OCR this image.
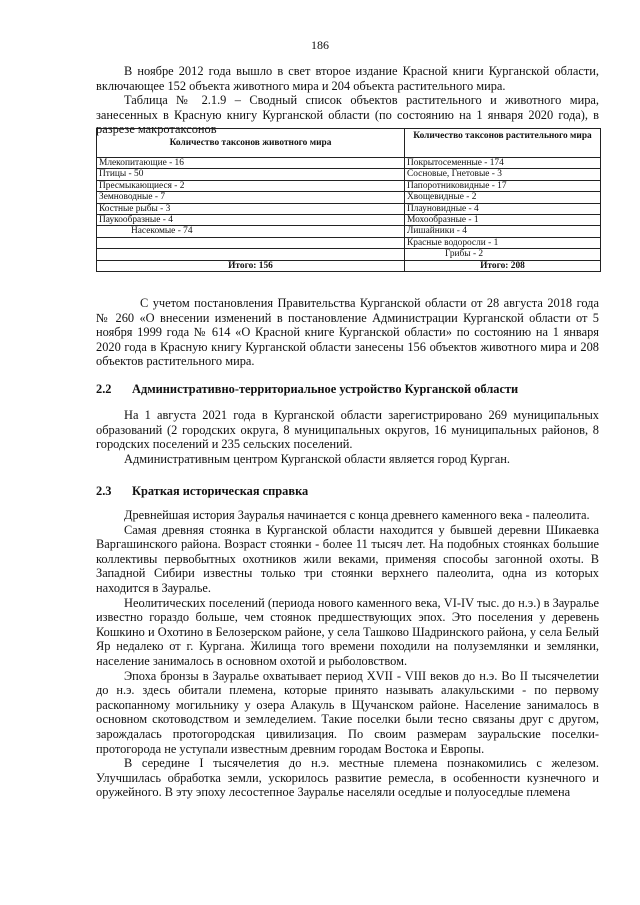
186

В ноябре 2012 года вышло в свет второе издание Красной книги Курганской области, включающее 152 объекта животного мира и 204 объекта растительного мира.

Таблица № 2.1.9 – Сводный список объектов растительного и животного мира, занесенных в Красную книгу Курганской области (по состоянию на 1 января 2020 года), в разрезе макротаксонов

Количество таксонов животного мира	Количество таксонов растительного мира
Млекопитающие - 16	Покрытосеменные - 174
Птицы - 50	Сосновые, Гнетовые - 3
Пресмыкающиеся - 2	Папоротниковидные - 17
Земноводные - 7	Хвощевидные - 2
Костные рыбы - 3	Плауновидные - 4
Паукообразные - 4	Мохообразные - 1
Насекомые - 74	Лишайники - 4
	Красные водоросли - 1
	Грибы - 2
Итого: 156	Итого: 208

С учетом постановления Правительства Курганской области от 28 августа 2018 года № 260 «О внесении изменений в постановление Администрации Курганской области от 5 ноября 1999 года № 614 «О Красной книге Курганской области» по состоянию на 1 января 2020 года в Красную книгу Курганской области занесены 156 объектов животного мира и 208 объектов растительного мира.

2.2 Административно-территориальное устройство Курганской области

На 1 августа 2021 года в Курганской области зарегистрировано 269 муниципальных образований (2 городских округа, 8 муниципальных округов, 16 муниципальных районов, 8 городских поселений и 235 сельских поселений.

Административным центром Курганской области является город Курган.

2.3 Краткая историческая справка

Древнейшая история Зауралья начинается с конца древнего каменного века - палеолита.

Самая древняя стоянка в Курганской области находится у бывшей деревни Шикаевка Варгашинского района. Возраст стоянки - более 11 тысяч лет. На подобных стоянках большие коллективы первобытных охотников жили веками, применяя способы загонной охоты. В Западной Сибири известны только три стоянки верхнего палеолита, одна из которых находится в Зауралье.

Неолитических поселений (периода нового каменного века, VI-IV тыс. до н.э.) в Зауралье известно гораздо больше, чем стоянок предшествующих эпох. Это поселения у деревень Кошкино и Охотино в Белозерском районе, у села Ташково Шадринского района, у села Белый Яр недалеко от г. Кургана. Жилища того времени походили на полуземлянки и землянки, население занималось в основном охотой и рыболовством.

Эпоха бронзы в Зауралье охватывает период XVII - VIII веков до н.э. Во II тысячелетии до н.э. здесь обитали племена, которые принято называть алакульскими - по первому раскопанному могильнику у озера Алакуль в Щучанском районе. Население занималось в основном скотоводством и земледелием. Такие поселки были тесно связаны друг с другом, зарождалась протогородская цивилизация. По своим размерам зауральские поселки-протогорода не уступали известным древним городам Востока и Европы.

В середине I тысячелетия до н.э. местные племена познакомились с железом. Улучшилась обработка земли, ускорилось развитие ремесла, в особенности кузнечного и оружейного. В эту эпоху лесостепное Зауралье населяли оседлые и полуоседлые племена
